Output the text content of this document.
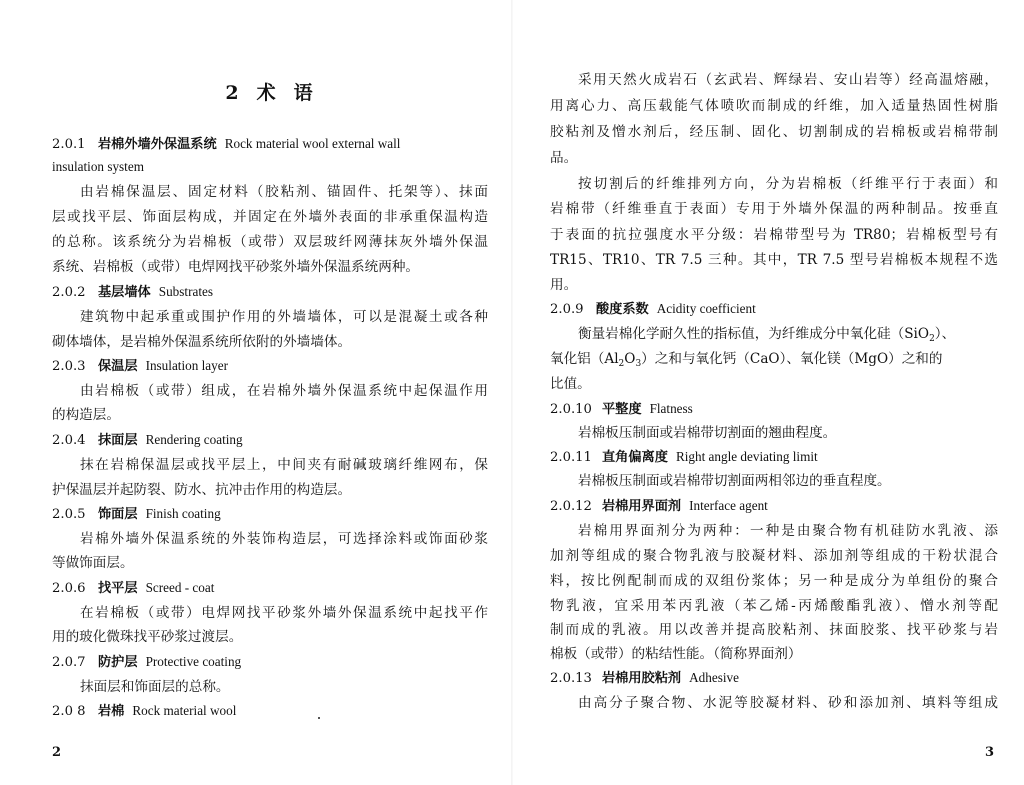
2 术 语
2.0.1 岩棉外墙外保温系统 Rock material wool external wall
insulation system
由岩棉保温层、固定材料（胶粘剂、锚固件、托架等）、抹面
层或找平层、饰面层构成，并固定在外墙外表面的非承重保温构造
的总称。该系统分为岩棉板（或带）双层玻纤网薄抹灰外墙外保温
系统、岩棉板（或带）电焊网找平砂浆外墙外保温系统两种。
2.0.2 基层墙体 Substrates
建筑物中起承重或围护作用的外墙墙体，可以是混凝土或各种
砌体墙体，是岩棉外保温系统所依附的外墙墙体。
2.0.3 保温层 Insulation layer
由岩棉板（或带）组成，在岩棉外墙外保温系统中起保温作用
的构造层。
2.0.4 抹面层 Rendering coating
抹在岩棉保温层或找平层上，中间夹有耐碱玻璃纤维网布，保
护保温层并起防裂、防水、抗冲击作用的构造层。
2.0.5 饰面层 Finish coating
岩棉外墙外保温系统的外装饰构造层，可选择涂料或饰面砂浆
等做饰面层。
2.0.6 找平层 Screed - coat
在岩棉板（或带）电焊网找平砂浆外墙外保温系统中起找平作
用的玻化微珠找平砂浆过渡层。
2.0.7 防护层 Protective coating
抹面层和饰面层的总称。
2.0 8 岩棉 Rock material wool
2
采用天然火成岩石（玄武岩、辉绿岩、安山岩等）经高温熔融，
用离心力、高压载能气体喷吹而制成的纤维，加入适量热固性树脂
胶粘剂及憎水剂后，经压制、固化、切割制成的岩棉板或岩棉带制
品。
按切割后的纤维排列方向，分为岩棉板（纤维平行于表面）和
岩棉带（纤维垂直于表面）专用于外墙外保温的两种制品。按垂直
于表面的抗拉强度水平分级：岩棉带型号为 TR80；岩棉板型号有
TR15、TR10、TR 7.5 三种。其中，TR 7.5 型号岩棉板本规程不选
用。
2.0.9 酸度系数 Acidity coefficient
衡量岩棉化学耐久性的指标值，为纤维成分中氧化硅（SiO$_2$）、
氧化铝$(Al_2O_3)$之和与氧化钙（CaO）、氧化镁（MgO）之和的
比值。
2.0.10 平整度 Flatness
岩棉板压制面或岩棉带切割面的翘曲程度。
2.0.11 直角偏离度 Right angle deviating limit
岩棉板压制面或岩棉带切割面两相邻边的垂直程度。
2.0.12 岩棉用界面剂 Interface agent
岩棉用界面剂分为两种：一种是由聚合物有机硅防水乳液、添
加剂等组成的聚合物乳液与胶凝材料、添加剂等组成的干粉状混合
料，按比例配制而成的双组份浆体；另一种是成分为单组份的聚合
物乳液，宜采用苯丙乳液（苯乙烯-丙烯酸酯乳液）、憎水剂等配
制而成的乳液。用以改善并提高胶粘剂、抹面胶浆、找平砂浆与岩
棉板（或带）的粘结性能。（简称界面剂）
2.0.13 岩棉用胶粘剂 Adhesive
由高分子聚合物、水泥等胶凝材料、砂和添加剂、填料等组成
3
